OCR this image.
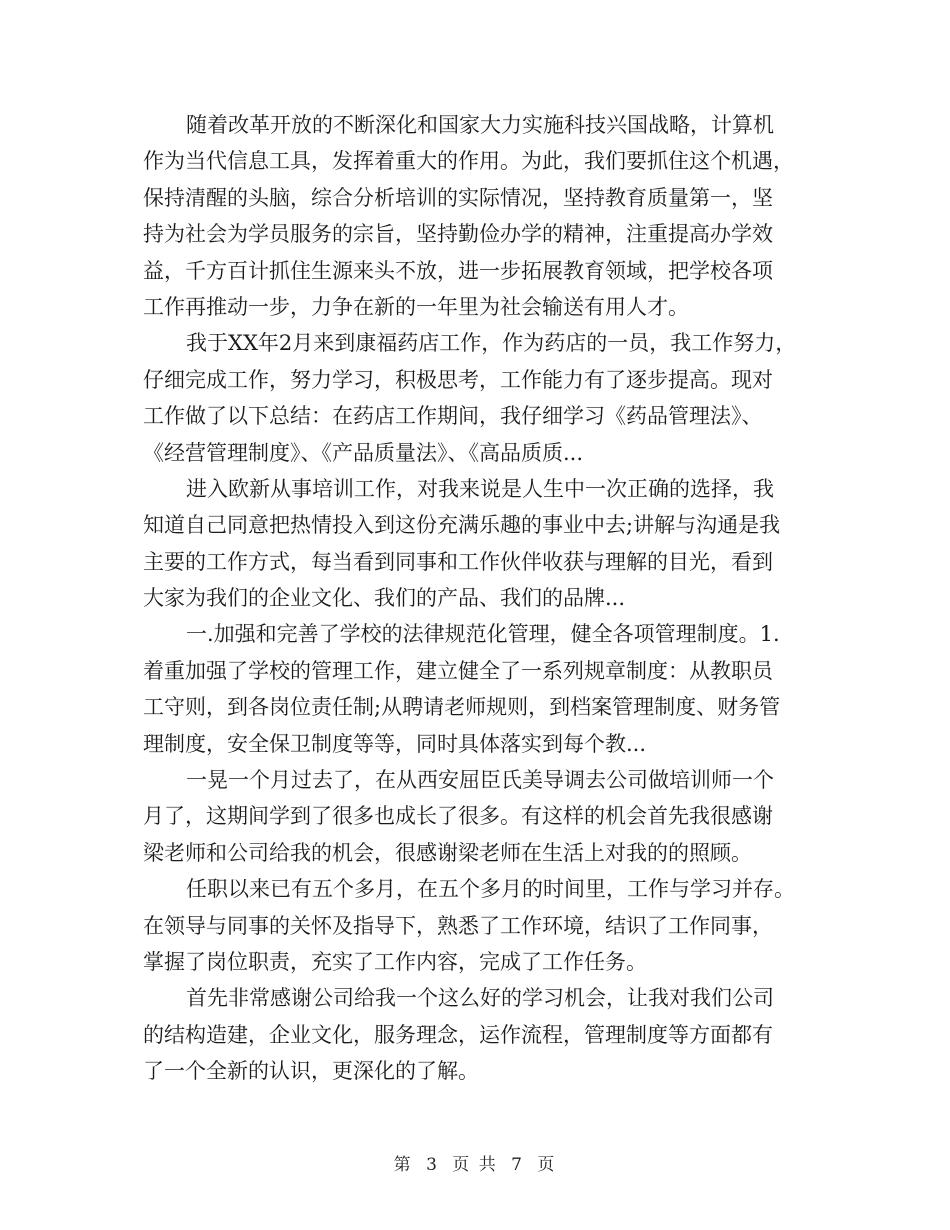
随着改革开放的不断深化和国家大力实施科技兴国战略，计算机
作为当代信息工具，发挥着重大的作用。为此，我们要抓住这个机遇，
保持清醒的头脑，综合分析培训的实际情况，坚持教育质量第一，坚
持为社会为学员服务的宗旨，坚持勤俭办学的精神，注重提高办学效
益，千方百计抓住生源来头不放，进一步拓展教育领域，把学校各项
工作再推动一步，力争在新的一年里为社会输送有用人才。

我于XX年2月来到康福药店工作，作为药店的一员，我工作努力，
仔细完成工作，努力学习，积极思考，工作能力有了逐步提高。现对
工作做了以下总结：在药店工作期间，我仔细学习《药品管理法》、
《经营管理制度》、《产品质量法》、《高品质质...

进入欧新从事培训工作，对我来说是人生中一次正确的选择，我
知道自己同意把热情投入到这份充满乐趣的事业中去;讲解与沟通是我
主要的工作方式，每当看到同事和工作伙伴收获与理解的目光，看到
大家为我们的企业文化、我们的产品、我们的品牌...

一.加强和完善了学校的法律规范化管理，健全各项管理制度。1.
着重加强了学校的管理工作，建立健全了一系列规章制度：从教职员
工守则，到各岗位责任制;从聘请老师规则，到档案管理制度、财务管
理制度，安全保卫制度等等，同时具体落实到每个教...

一晃一个月过去了，在从西安屈臣氏美导调去公司做培训师一个
月了，这期间学到了很多也成长了很多。有这样的机会首先我很感谢
梁老师和公司给我的机会，很感谢梁老师在生活上对我的的照顾。

任职以来已有五个多月，在五个多月的时间里，工作与学习并存。
在领导与同事的关怀及指导下，熟悉了工作环境，结识了工作同事，
掌握了岗位职责，充实了工作内容，完成了工作任务。

首先非常感谢公司给我一个这么好的学习机会，让我对我们公司
的结构造建，企业文化，服务理念，运作流程，管理制度等方面都有
了一个全新的认识，更深化的了解。

第 3 页 共 7 页
